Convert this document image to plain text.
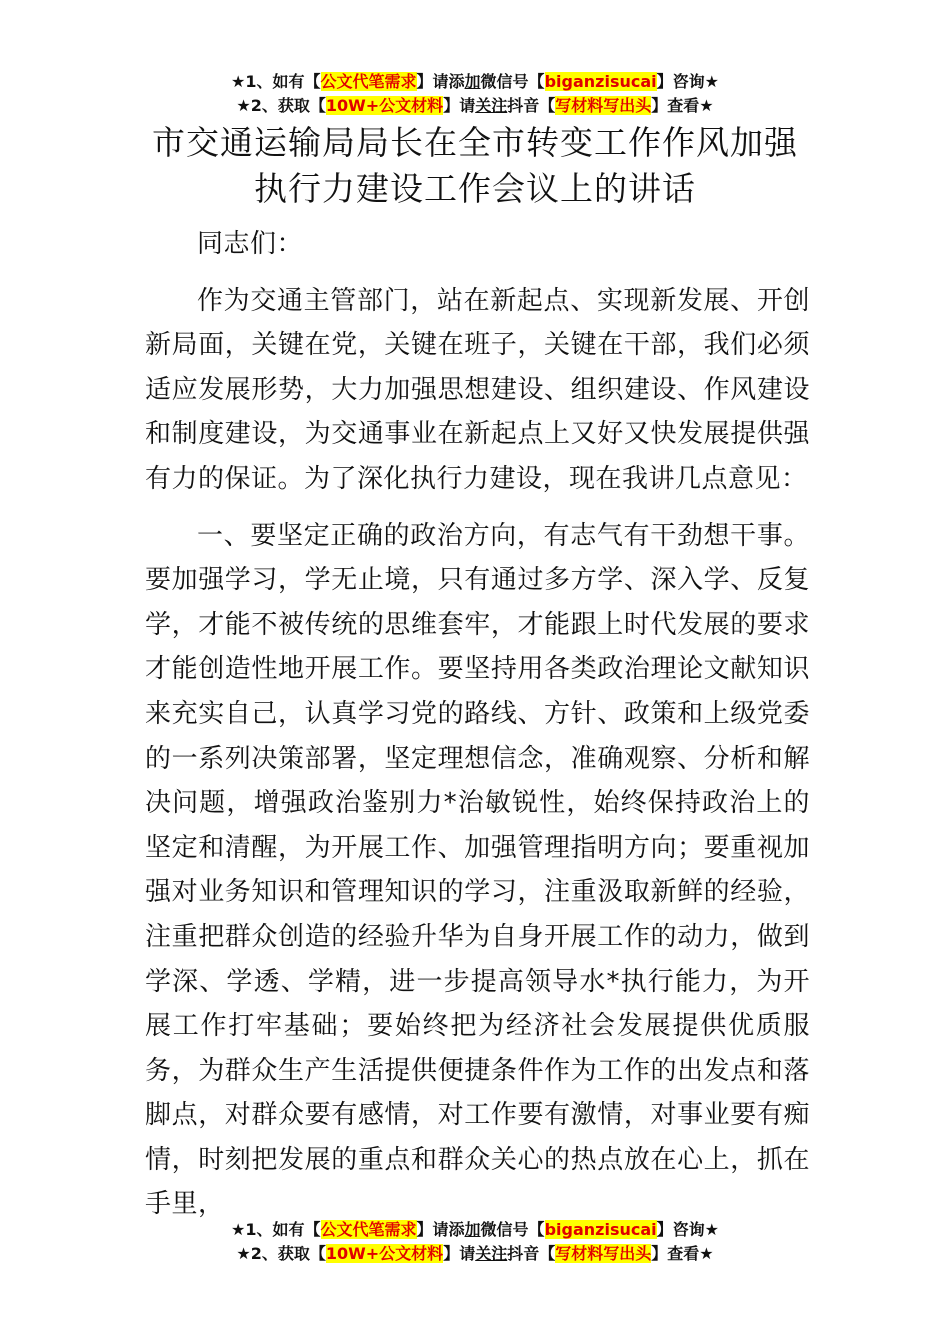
★1、如有【公文代笔需求】请添加微信号【biganzisucai】咨询★
★2、获取【10W+公文材料】请关注抖音【写材料写出头】查看★
市交通运输局局长在全市转变工作作风加强
执行力建设工作会议上的讲话

同志们：

作为交通主管部门，站在新起点、实现新发展、开创新局面，关键在党，关键在班子，关键在干部，我们必须适应发展形势，大力加强思想建设、组织建设、作风建设和制度建设，为交通事业在新起点上又好又快发展提供强有力的保证。为了深化执行力建设，现在我讲几点意见：

一、要坚定正确的政治方向，有志气有干劲想干事。要加强学习，学无止境，只有通过多方学、深入学、反复学，才能不被传统的思维套牢，才能跟上时代发展的要求才能创造性地开展工作。要坚持用各类政治理论文献知识来充实自己，认真学习党的路线、方针、政策和上级党委的一系列决策部署，坚定理想信念，准确观察、分析和解决问题，增强政治鉴别力*治敏锐性，始终保持政治上的坚定和清醒，为开展工作、加强管理指明方向；要重视加强对业务知识和管理知识的学习，注重汲取新鲜的经验，注重把群众创造的经验升华为自身开展工作的动力，做到学深、学透、学精，进一步提高领导水*执行能力，为开展工作打牢基础；要始终把为经济社会发展提供优质服务，为群众生产生活提供便捷条件作为工作的出发点和落脚点，对群众要有感情，对工作要有激情，对事业要有痴情，时刻把发展的重点和群众关心的热点放在心上，抓在手里，

★1、如有【公文代笔需求】请添加微信号【biganzisucai】咨询★
★2、获取【10W+公文材料】请关注抖音【写材料写出头】查看★
